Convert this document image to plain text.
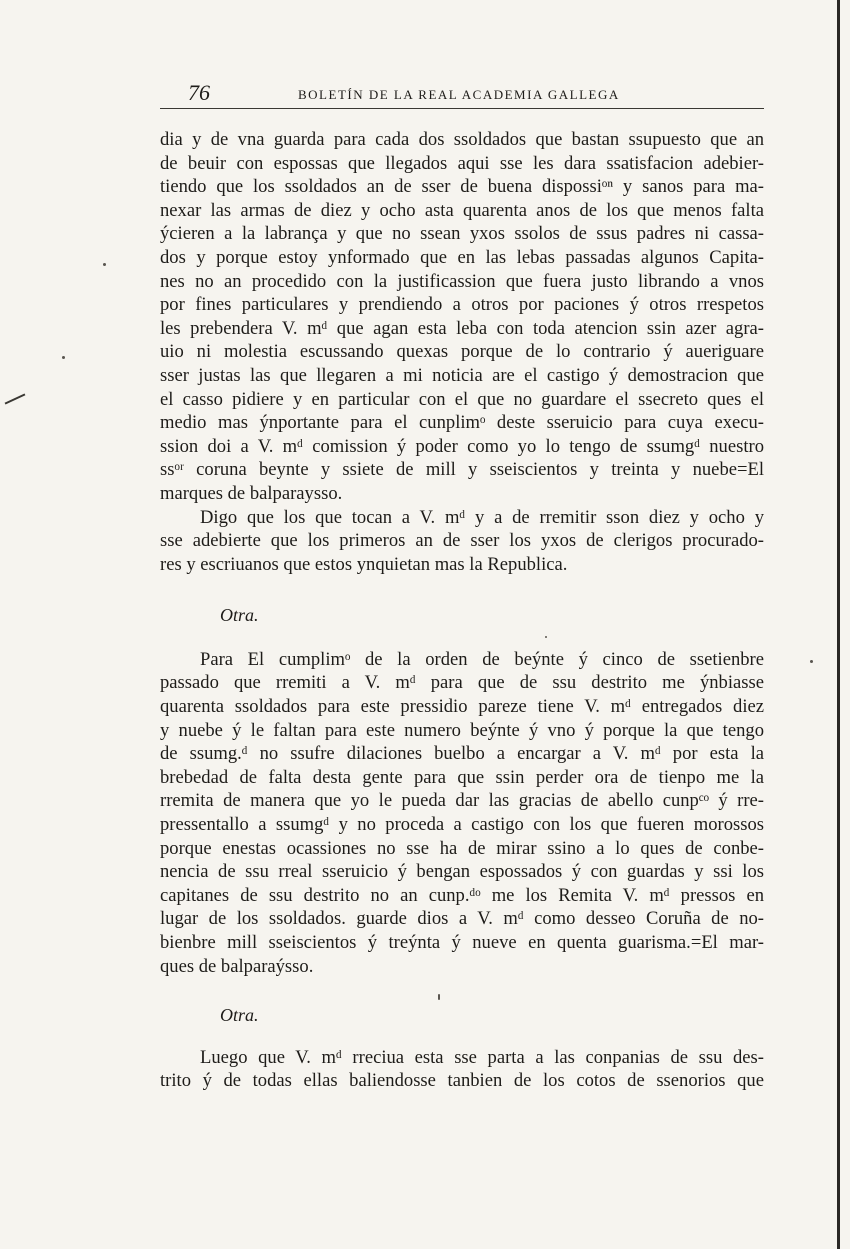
76	BOLETÍN DE LA REAL ACADEMIA GALLEGA

dia y de vna guarda para cada dos ssoldados que bastan ssupuesto que an
de beuir con espossas que llegados aqui sse les dara ssatisfacion adebier-
tiendo que los ssoldados an de sser de buena dispossiᵒⁿ y sanos para ma-
nexar las armas de diez y ocho asta quarenta anos de los que menos falta
ýcieren a la labrança y que no ssean yxos ssolos de ssus padres ni cassa-
dos y porque estoy ynformado que en las lebas passadas algunos Capita-
nes no an procedido con la justificassion que fuera justo librando a vnos
por fines particulares y prendiendo a otros por paciones ý otros rrespetos
les prebendera V. mᵈ que agan esta leba con toda atencion ssin azer agra-
uio ni molestia escussando quexas porque de lo contrario ý aueriguare
sser justas las que llegaren a mi noticia are el castigo ý demostracion que
el casso pidiere y en particular con el que no guardare el ssecreto ques el
medio mas ýnportante para el cunplimᵒ deste sseruicio para cuya execu-
ssion doi a V. mᵈ comission ý poder como yo lo tengo de ssumgᵈ nuestro
ssᵒʳ coruna beynte y ssiete de mill y sseiscientos y treinta y nuebe=El
marques de balparaysso.

Digo que los que tocan a V. mᵈ y a de rremitir sson diez y ocho y
sse adebierte que los primeros an de sser los yxos de clerigos procurado-
res y escriuanos que estos ynquietan mas la Republica.

Otra.

Para El cumplimᵒ de la orden de beýnte ý cinco de ssetienbre
passado que rremiti a V. mᵈ para que de ssu destrito me ýnbiasse
quarenta ssoldados para este pressidio pareze tiene V. mᵈ entregados diez
y nuebe ý le faltan para este numero beýnte ý vno ý porque la que tengo
de ssumg.ᵈ no ssufre dilaciones buelbo a encargar a V. mᵈ por esta la
brebedad de falta desta gente para que ssin perder ora de tienpo me la
rremita de manera que yo le pueda dar las gracias de abello cunpᶜᵒ ý rre-
pressentallo a ssumgᵈ y no proceda a castigo con los que fueren morossos
porque enestas ocassiones no sse ha de mirar ssino a lo ques de conbe-
nencia de ssu rreal sseruicio ý bengan espossados ý con guardas y ssi los
capitanes de ssu destrito no an cunp.ᵈᵒ me los Remita V. mᵈ pressos en
lugar de los ssoldados. guarde dios a V. mᵈ como desseo Coruña de no-
bienbre mill sseiscientos ý treýnta ý nueve en quenta guarisma.=El mar-
ques de balparaýsso.

Otra.

Luego que V. mᵈ rreciua esta sse parta a las conpanias de ssu des-
trito ý de todas ellas baliendosse tanbien de los cotos de ssenorios que
